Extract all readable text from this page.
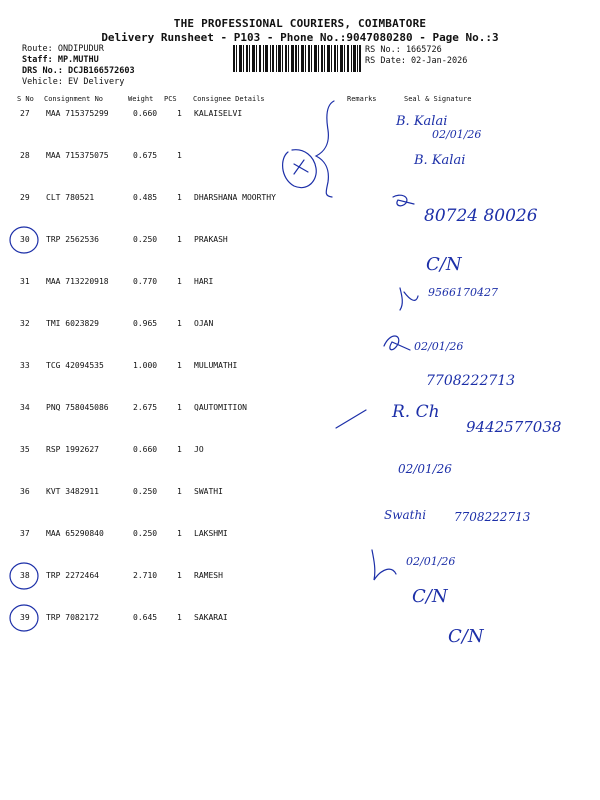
THE PROFESSIONAL COURIERS, COIMBATORE
Delivery Runsheet - P103 - Phone No.:9047080280 - Page No.:3
Route: ONDIPUDUR
Staff: MP.MUTHU
DRS No.: DCJB166572603
Vehicle: EV Delivery
RS No.: 1665726
RS Date: 02-Jan-2026
S No Consignment No	Weight PCS Consignee Details	Remarks	Seal & Signature
27 MAA 715375299	0.660 1 KALAISELVI
28 MAA 715375075	0.675 1
29 CLT 780521	0.485 1 DHARSHANA MOORTHY
30 TRP 2562536	0.250 1 PRAKASH
31 MAA 713220918	0.770 1 HARI
32 TMI 6023829	0.965 1 OJAN
33 TCG 42094535	1.000 1 MULUMATHI
34 PNQ 758045086	2.675 1 QAUTOMITION
35 RSP 1992627	0.660 1 JO
36 KVT 3482911	0.250 1 SWATHI
37 MAA 65290840	0.250 1 LAKSHMI
38 TRP 2272464	2.710 1 RAMESH
39 TRP 7082172	0.645 1 SAKARAI
B. Kalai
02/01/26
B. Kalai
80724 80026
C/N
9566170427
02/01/26
7708222713
R. Ch
9442577038
02/01/26
Swathi 7708222713
02/01/26
C/N
C/N
